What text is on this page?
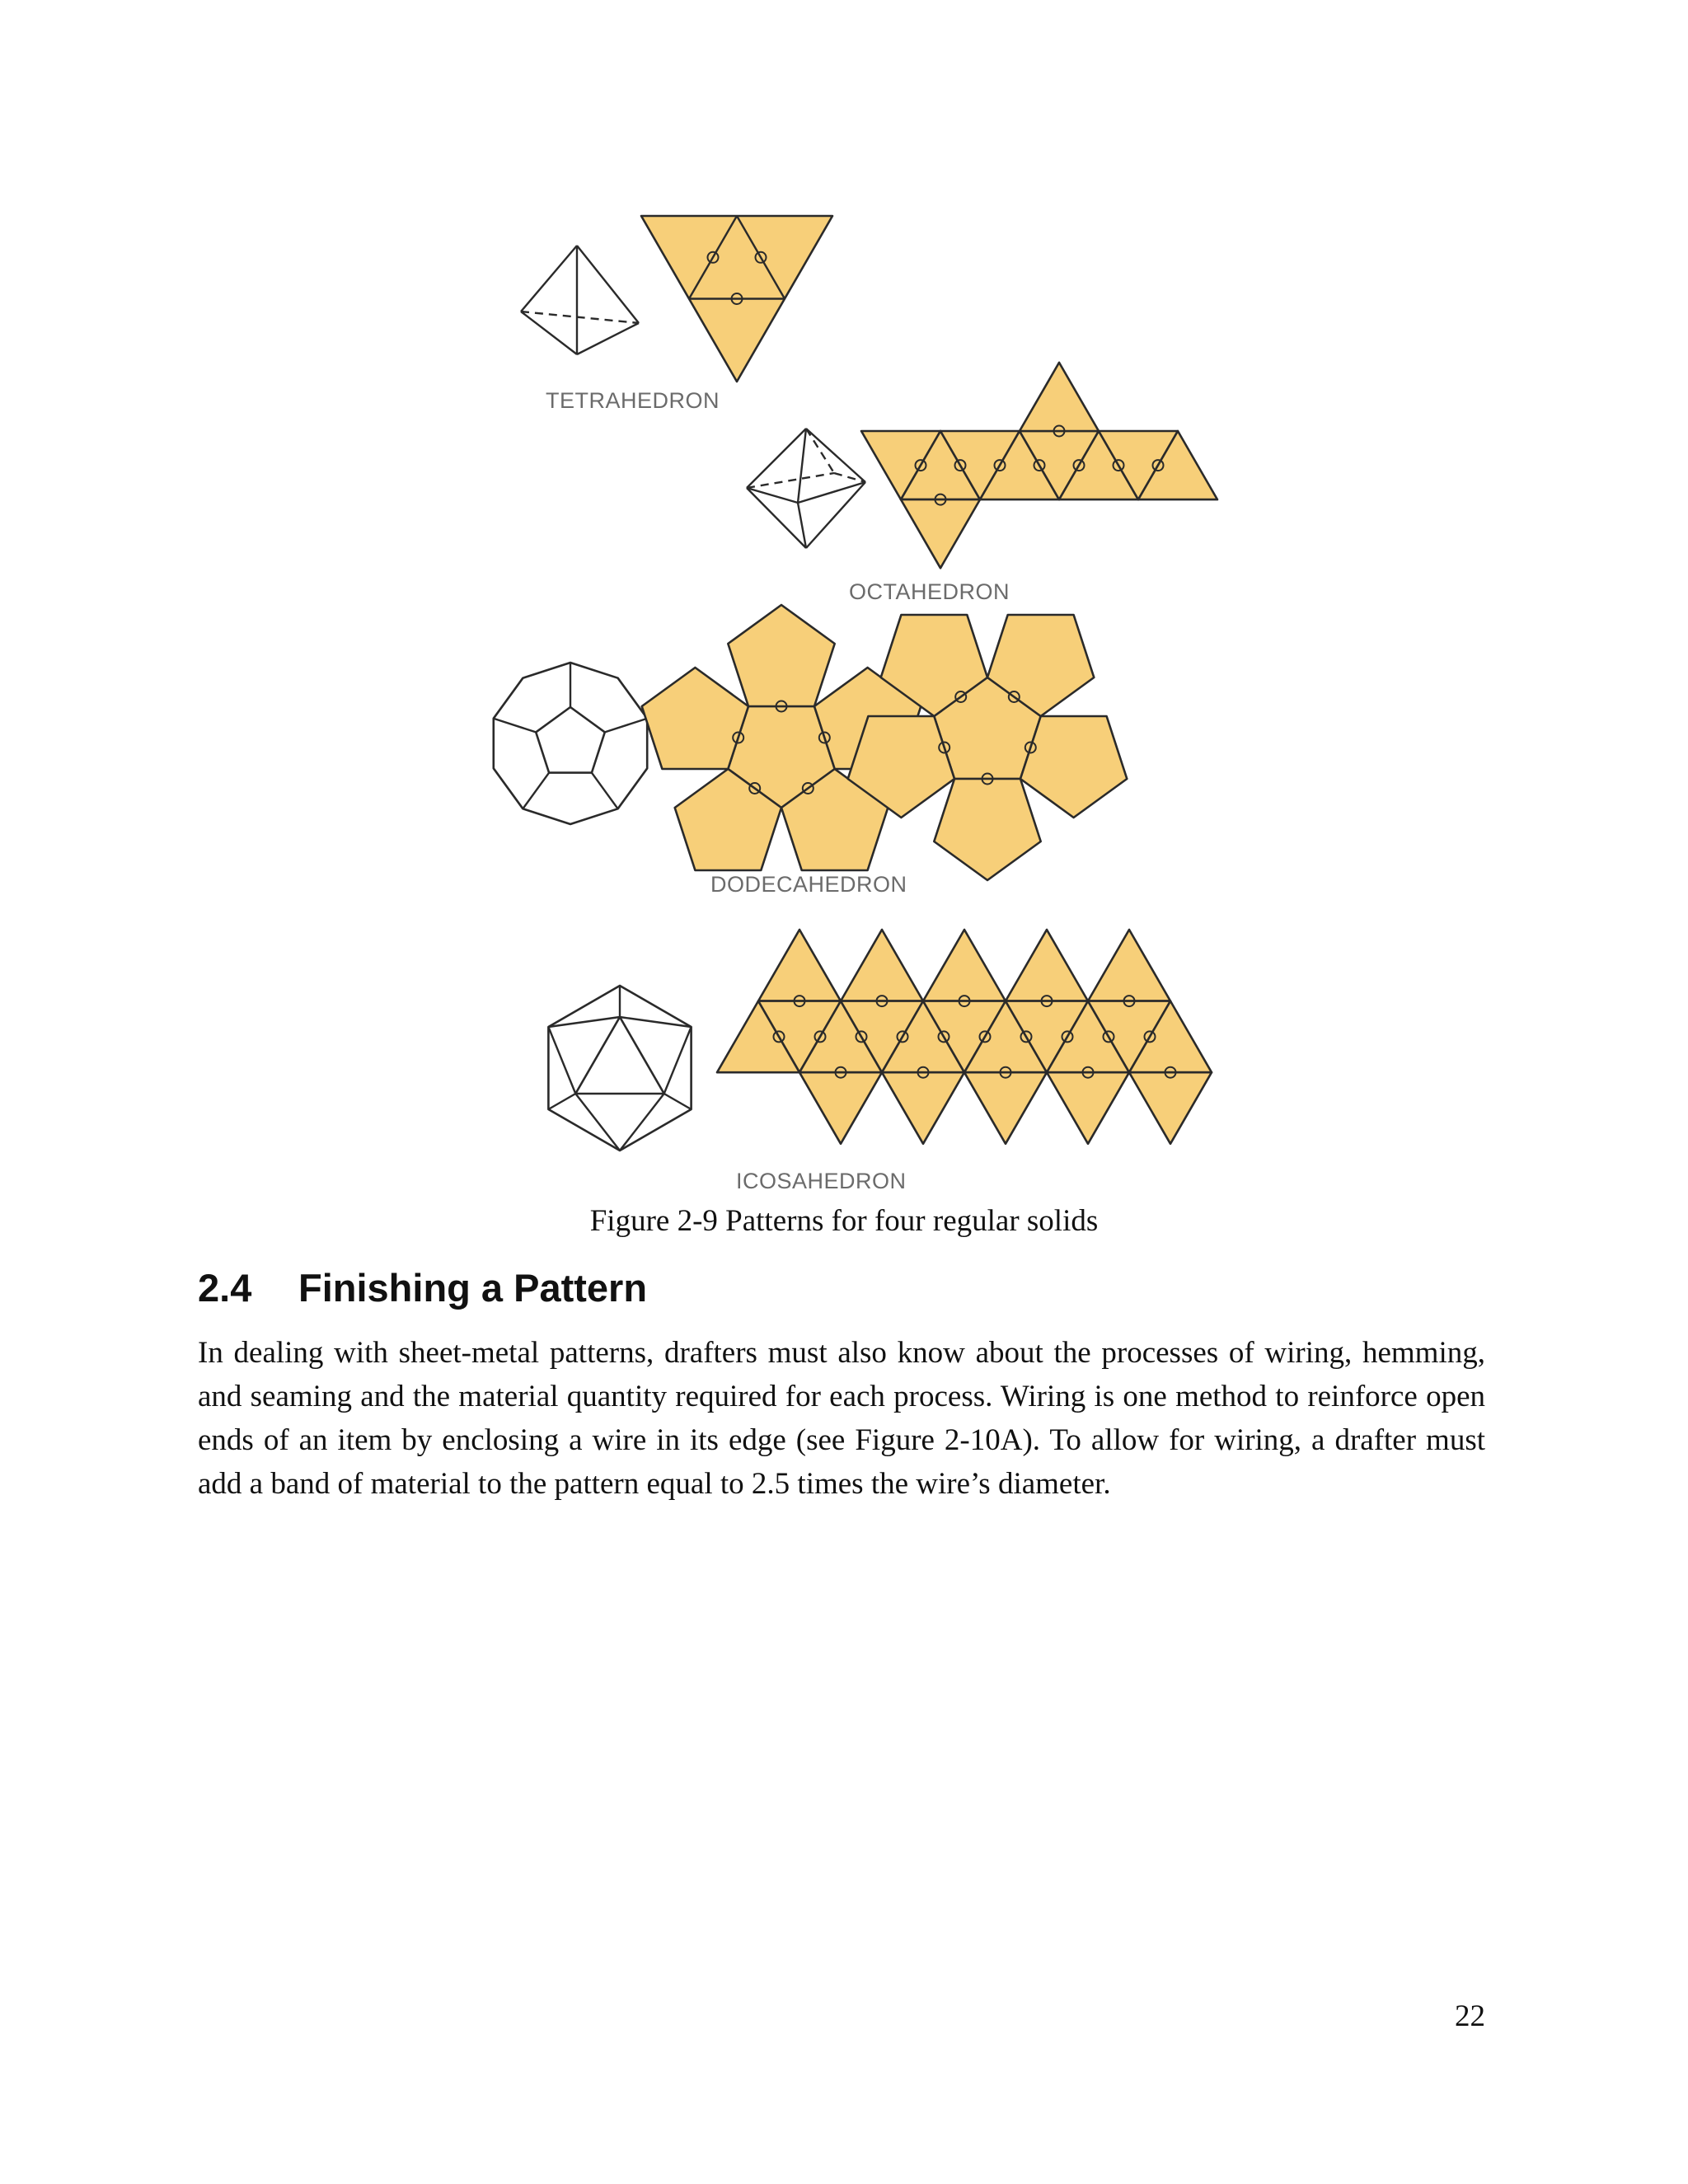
TETRAHEDRON
OCTAHEDRON
DODECAHEDRON
ICOSAHEDRON
Figure 2-9 Patterns for four regular solids
2.4	Finishing a Pattern

In dealing with sheet-metal patterns, drafters must also know about the processes of wiring, hemming, and seaming and the material quantity required for each process. Wiring is one method to reinforce open ends of an item by enclosing a wire in its edge (see Figure 2-10A). To allow for wiring, a drafter must add a band of material to the pattern equal to 2.5 times the wire’s diameter.

22
